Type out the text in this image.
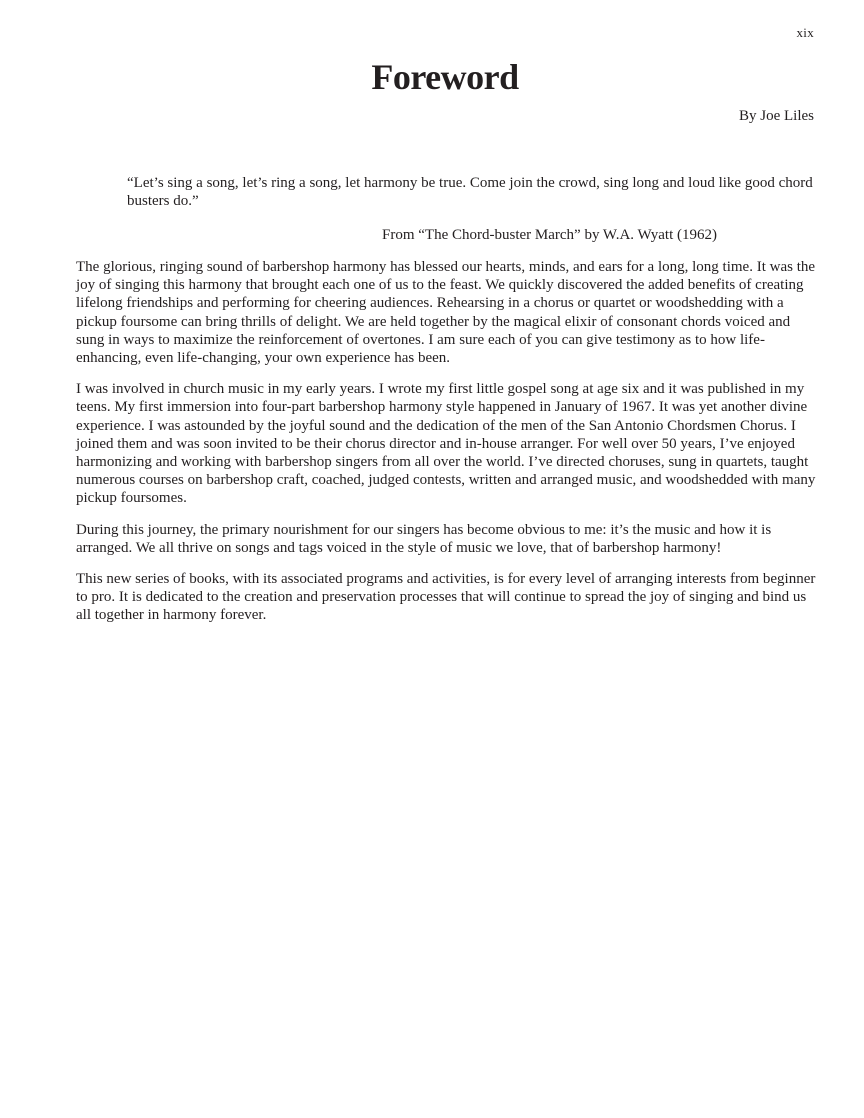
xix
Foreword
By Joe Liles
“Let’s sing a song, let’s ring a song, let harmony be true. Come join the crowd, sing long and loud like good chord busters do.”
From “The Chord-buster March” by W.A. Wyatt (1962)

The glorious, ringing sound of barbershop harmony has blessed our hearts, minds, and ears for a long, long time. It was the joy of singing this harmony that brought each one of us to the feast. We quickly discovered the added benefits of creating lifelong friendships and performing for cheering audiences. Rehearsing in a chorus or quartet or woodshedding with a pickup foursome can bring thrills of delight. We are held together by the magical elixir of consonant chords voiced and sung in ways to maximize the reinforcement of overtones. I am sure each of you can give testimony as to how life-enhancing, even life-changing, your own experience has been.

I was involved in church music in my early years. I wrote my first little gospel song at age six and it was published in my teens. My first immersion into four-part barbershop harmony style happened in January of 1967. It was yet another divine experience. I was astounded by the joyful sound and the dedication of the men of the San Antonio Chordsmen Chorus. I joined them and was soon invited to be their chorus director and in-house arranger. For well over 50 years, I’ve enjoyed harmonizing and working with barbershop singers from all over the world. I’ve directed choruses, sung in quartets, taught numerous courses on barbershop craft, coached, judged contests, written and arranged music, and woodshedded with many pickup foursomes.

During this journey, the primary nourishment for our singers has become obvious to me: it’s the music and how it is arranged. We all thrive on songs and tags voiced in the style of music we love, that of barbershop harmony!

This new series of books, with its associated programs and activities, is for every level of arranging interests from beginner to pro. It is dedicated to the creation and preservation processes that will continue to spread the joy of singing and bind us all together in harmony forever.
